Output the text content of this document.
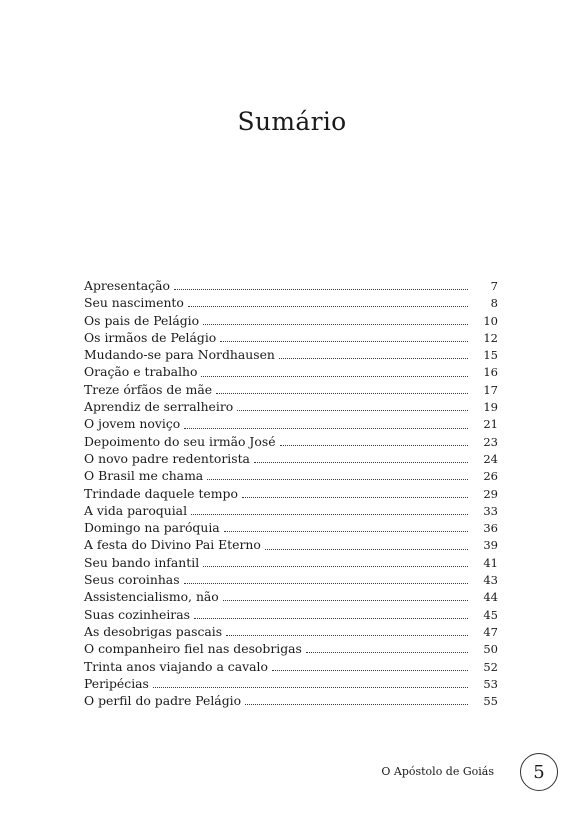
Sumário
Apresentação	7
Seu nascimento	8
Os pais de Pelágio	10
Os irmãos de Pelágio	12
Mudando-se para Nordhausen	15
Oração e trabalho	16
Treze órfãos de mãe	17
Aprendiz de serralheiro	19
O jovem noviço	21
Depoimento do seu irmão José	23
O novo padre redentorista	24
O Brasil me chama	26
Trindade daquele tempo	29
A vida paroquial	33
Domingo na paróquia	36
A festa do Divino Pai Eterno	39
Seu bando infantil	41
Seus coroinhas	43
Assistencialismo, não	44
Suas cozinheiras	45
As desobrigas pascais	47
O companheiro fiel nas desobrigas	50
Trinta anos viajando a cavalo	52
Peripécias	53
O perfil do padre Pelágio	55
O Apóstolo de Goiás	5
